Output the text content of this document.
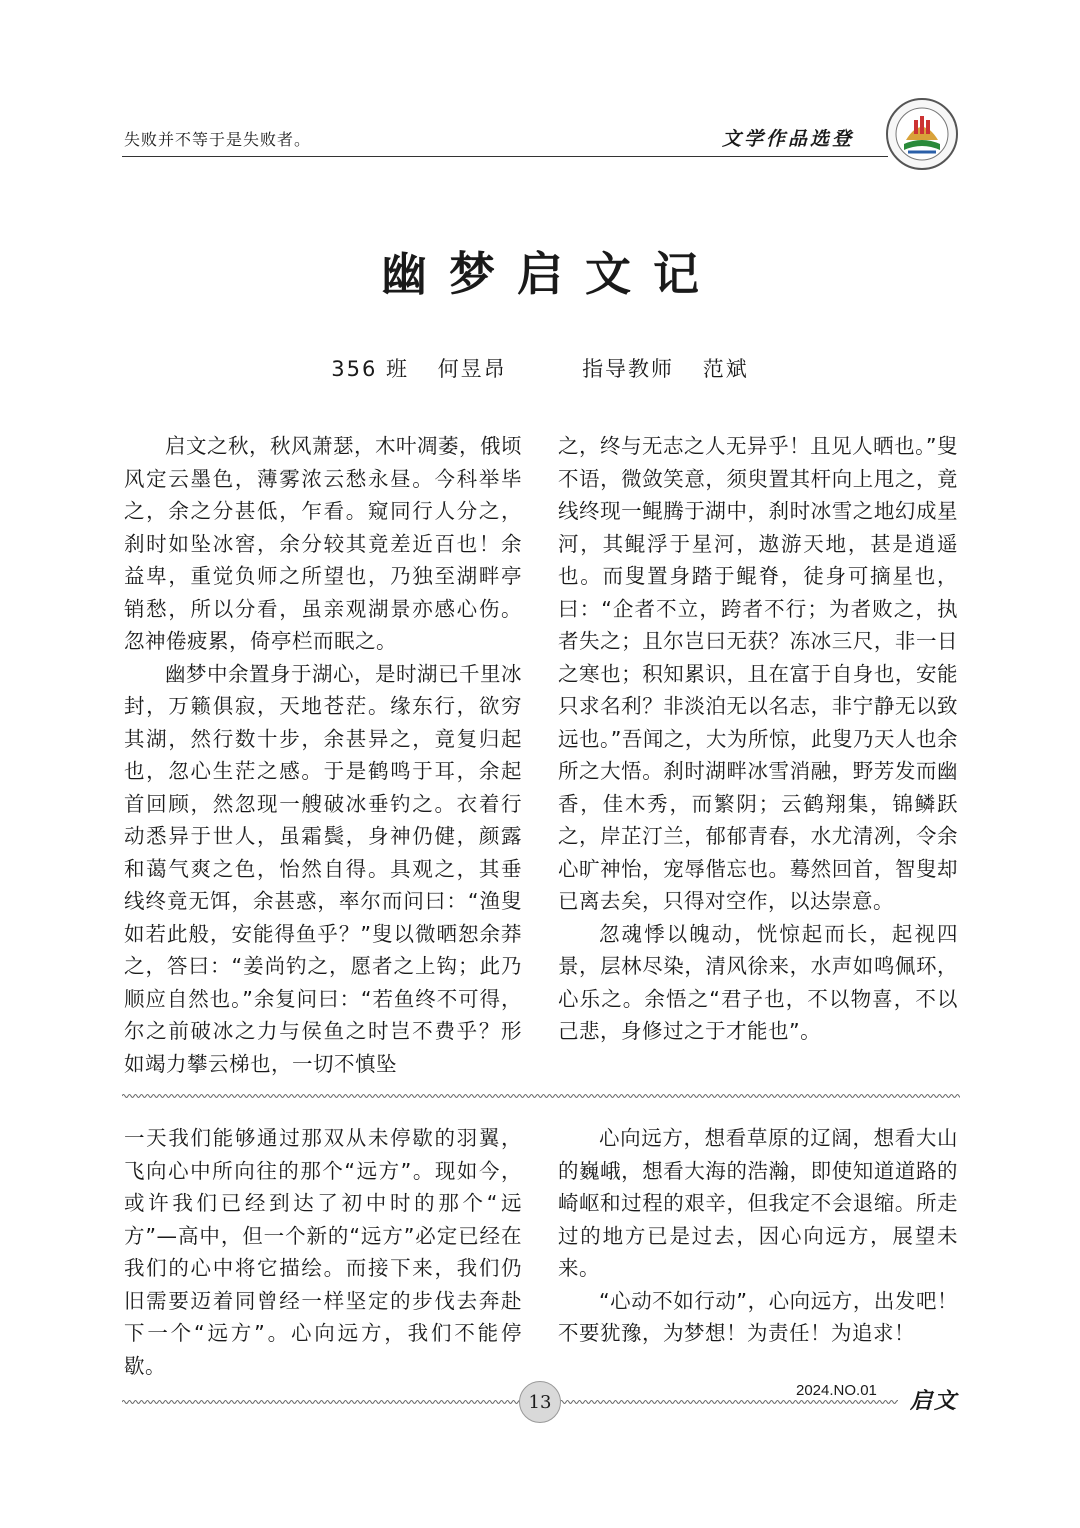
失败并不等于是失败者。	文学作品选登
幽梦启文记
356 班 何昱昂	指导教师 范斌

启文之秋，秋风萧瑟，木叶凋萎，俄顷风定云墨色，薄雾浓云愁永昼。今科举毕之，余之分甚低，乍看。窥同行人分之，刹时如坠冰窖，余分较其竟差近百也！余益卑，重觉负师之所望也，乃独至湖畔亭销愁，所以分看，虽亲观湖景亦感心伤。忽神倦疲累，倚亭栏而眠之。

幽梦中余置身于湖心，是时湖已千里冰封，万籁俱寂，天地苍茫。缘东行，欲穷其湖，然行数十步，余甚异之，竟复归起也，忽心生茫之感。于是鹤鸣于耳，余起首回顾，然忽现一艘破冰垂钓之。衣着行动悉异于世人，虽霜鬓，身神仍健，颜露和蔼气爽之色，怡然自得。具观之，其垂线终竟无饵，余甚惑，率尔而问曰：“渔叟如若此般，安能得鱼乎？”叟以微晒恕余莽之，答曰：“姜尚钓之，愿者之上钩；此乃顺应自然也。”余复问曰：“若鱼终不可得，尔之前破冰之力与侯鱼之时岂不费乎？形如竭力攀云梯也，一切不慎坠

之，终与无志之人无异乎！且见人晒也。”叟不语，微敛笑意，须臾置其杆向上甩之，竟线终现一鲲腾于湖中，刹时冰雪之地幻成星河，其鲲浮于星河，遨游天地，甚是逍遥也。而叟置身踏于鲲脊，徒身可摘星也，曰：“企者不立，跨者不行；为者败之，执者失之；且尔岂曰无获？冻冰三尺，非一日之寒也；积知累识，且在富于自身也，安能只求名利？非淡泊无以名志，非宁静无以致远也。”吾闻之，大为所惊，此叟乃天人也余所之大悟。刹时湖畔冰雪消融，野芳发而幽香，佳木秀，而繁阴；云鹤翔集，锦鳞跃之，岸芷汀兰，郁郁青春，水尤清冽，令余心旷神怡，宠辱偕忘也。蓦然回首，智叟却已离去矣，只得对空作，以达崇意。

忽魂悸以魄动，恍惊起而长，起视四景，层林尽染，清风徐来，水声如鸣佩环，心乐之。余悟之“君子也，不以物喜，不以己悲，身修过之于才能也”。

一天我们能够通过那双从未停歇的羽翼，飞向心中所向往的那个“远方”。现如今，或许我们已经到达了初中时的那个“远方”—高中，但一个新的“远方”必定已经在我们的心中将它描绘。而接下来，我们仍旧需要迈着同曾经一样坚定的步伐去奔赴下一个“远方”。心向远方，我们不能停歇。

心向远方，想看草原的辽阔，想看大山的巍峨，想看大海的浩瀚，即使知道道路的崎岖和过程的艰辛，但我定不会退缩。所走过的地方已是过去，因心向远方，展望未来。

“心动不如行动”，心向远方，出发吧！不要犹豫，为梦想！为责任！为追求！

13
2024.NO.01 启文
